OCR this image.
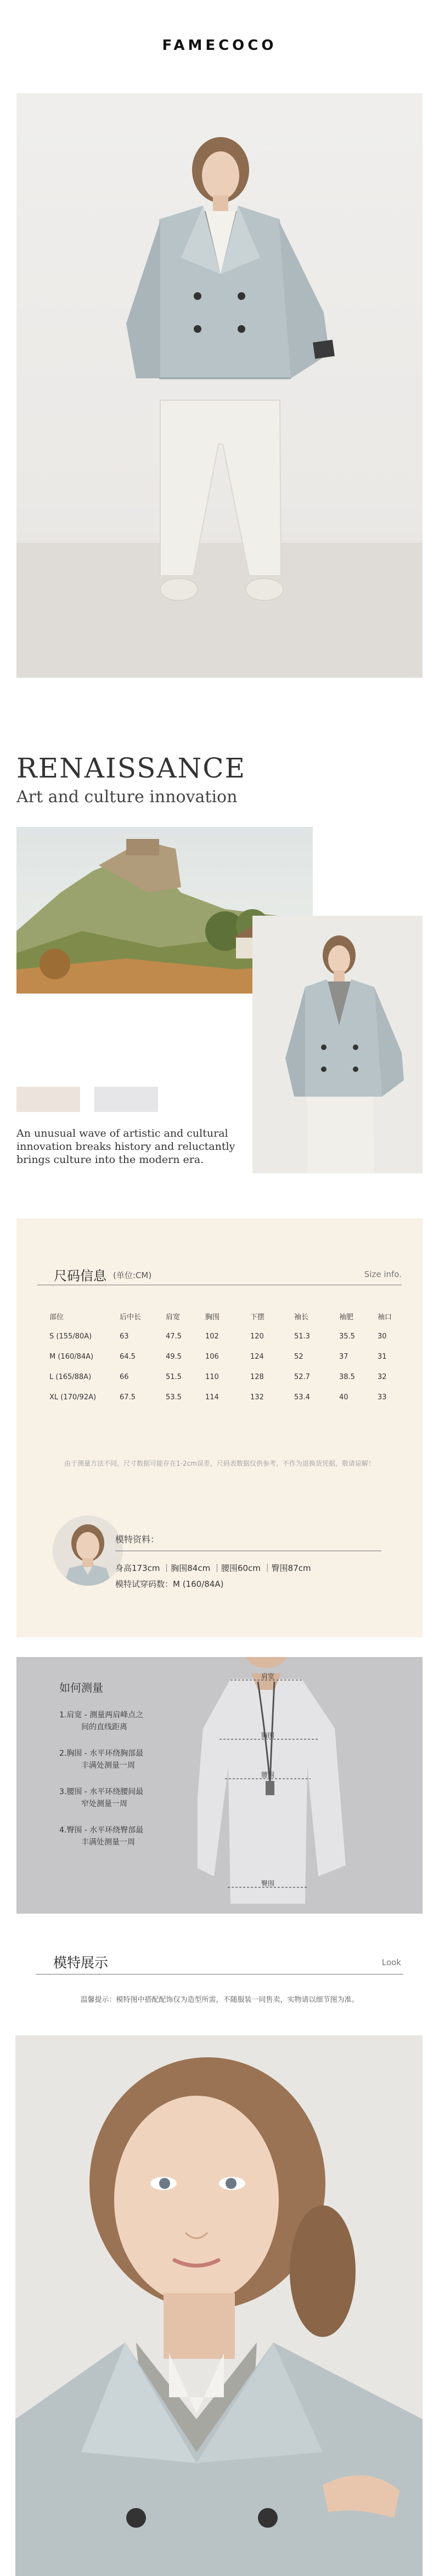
FAMECOCO
RENAISSANCE
Art and culture innovation
An unusual wave of artistic and cultural innovation breaks history and reluctantly brings culture into the modern era.
尺码信息 (单位:CM)	Size info.
部位	后中长	肩宽	胸围	下摆	袖长	袖肥	袖口
S (155/80A)	63	47.5	102	120	51.3	35.5	30
M (160/84A)	64.5	49.5	106	124	52	37	31
L (165/88A)	66	51.5	110	128	52.7	38.5	32
XL (170/92A)	67.5	53.5	114	132	53.4	40	33
由于测量方法不同，尺寸数据可能存在1-2cm误差，尺码表数据仅供参考，不作为退换货凭据，敬请谅解！
模特资料：
身高173cm ｜胸围84cm ｜腰围60cm ｜臀围87cm
模特试穿码数：M (160/84A)
如何测量
1.肩宽 - 测量两肩峰点之
间的直线距离
2.胸围 - 水平环绕胸部最
丰满处测量一周
3.腰围 - 水平环绕腰间最
窄处测量一周
4.臀围 - 水平环绕臀部最
丰满处测量一周
肩宽
胸围
腰围
臀围
模特展示	Look
温馨提示：模特图中搭配配饰仅为造型所需，不随服装一同售卖，实物请以细节图为准。
